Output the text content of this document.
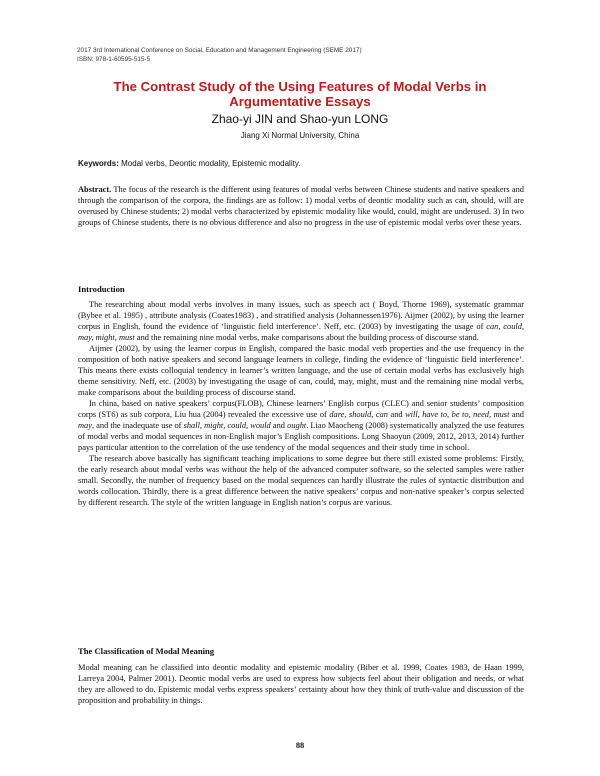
2017 3rd International Conference on Social, Education and Management Engineering (SEME 2017)
ISBN: 978-1-60595-515-5
The Contrast Study of the Using Features of Modal Verbs in
Argumentative Essays
Zhao-yi JIN and Shao-yun LONG
Jiang Xi Normal University, China
Keywords: Modal verbs, Deontic modality, Epistemic modality.
Abstract. The focus of the research is the different using features of modal verbs between Chinese students and native speakers and through the comparison of the corpora, the findings are as follow: 1) modal verbs of deontic modality such as can, should, will are overused by Chinese students; 2) modal verbs characterized by epistemic modality like would, could, might are underused. 3) In two groups of Chinese students, there is no obvious difference and also no progress in the use of epistemic modal verbs over these years.
Introduction

The researching about modal verbs involves in many issues, such as speech act ( Boyd, Thorne 1969), systematic grammar (Bybee et al. 1995) , attribute analysis (Coates1983) , and stratified analysis (Johannessen1976). Aijmer (2002), by using the learner corpus in English, found the evidence of ‘linguistic field interference’. Neff, etc. (2003) by investigating the usage of can, could, may, might, must and the remaining nine modal verbs, make comparisons about the building process of discourse stand.

Aijmer (2002), by using the learner corpus in English, compared the basic modal verb properties and the use frequency in the composition of both native speakers and second language learners in college, finding the evidence of ‘linguistic field interference’. This means there exists colloquial tendency in learner’s written language, and the use of certain modal verbs has exclusively high theme sensitivity. Neff, etc. (2003) by investigating the usage of can, could, may, might, must and the remaining nine modal verbs, make comparisons about the building process of discourse stand.

In china, based on native speakers’ corpus(FLOB), Chinese learners’ English corpus (CLEC) and senior students’ composition corps (ST6) as sub corpora, Liu hua (2004) revealed the excessive use of dare, should, can and will, have to, be to, need, must and may, and the inadequate use of shall, might, could, would and ought. Liao Maocheng (2008) systematically analyzed the use features of modal verbs and modal sequences in non-English major’s English compositions. Long Shaoyun (2009, 2012, 2013, 2014) further pays particular attention to the correlation of the use tendency of the modal sequences and their study time in school.

The research above basically has significant teaching implications to some degree but there still existed some problems: Firstly, the early research about modal verbs was without the help of the advanced computer software, so the selected samples were rather small. Secondly, the number of frequency based on the modal sequences can hardly illustrate the rules of syntactic distribution and words collocation. Thirdly, there is a great difference between the native speakers’ corpus and non-native speaker’s corpus selected by different research. The style of the written language in English nation’s corpus are various.

The Classification of Modal Meaning

Modal meaning can be classified into deontic modality and epistemic modality (Biber et al. 1999, Coates 1983, de Haan 1999, Larreya 2004, Palmer 2001). Deontic modal verbs are used to express how subjects feel about their obligation and needs, or what they are allowed to do. Epistemic modal verbs express speakers’ certainty about how they think of truth-value and discussion of the proposition and probability in things.

88
